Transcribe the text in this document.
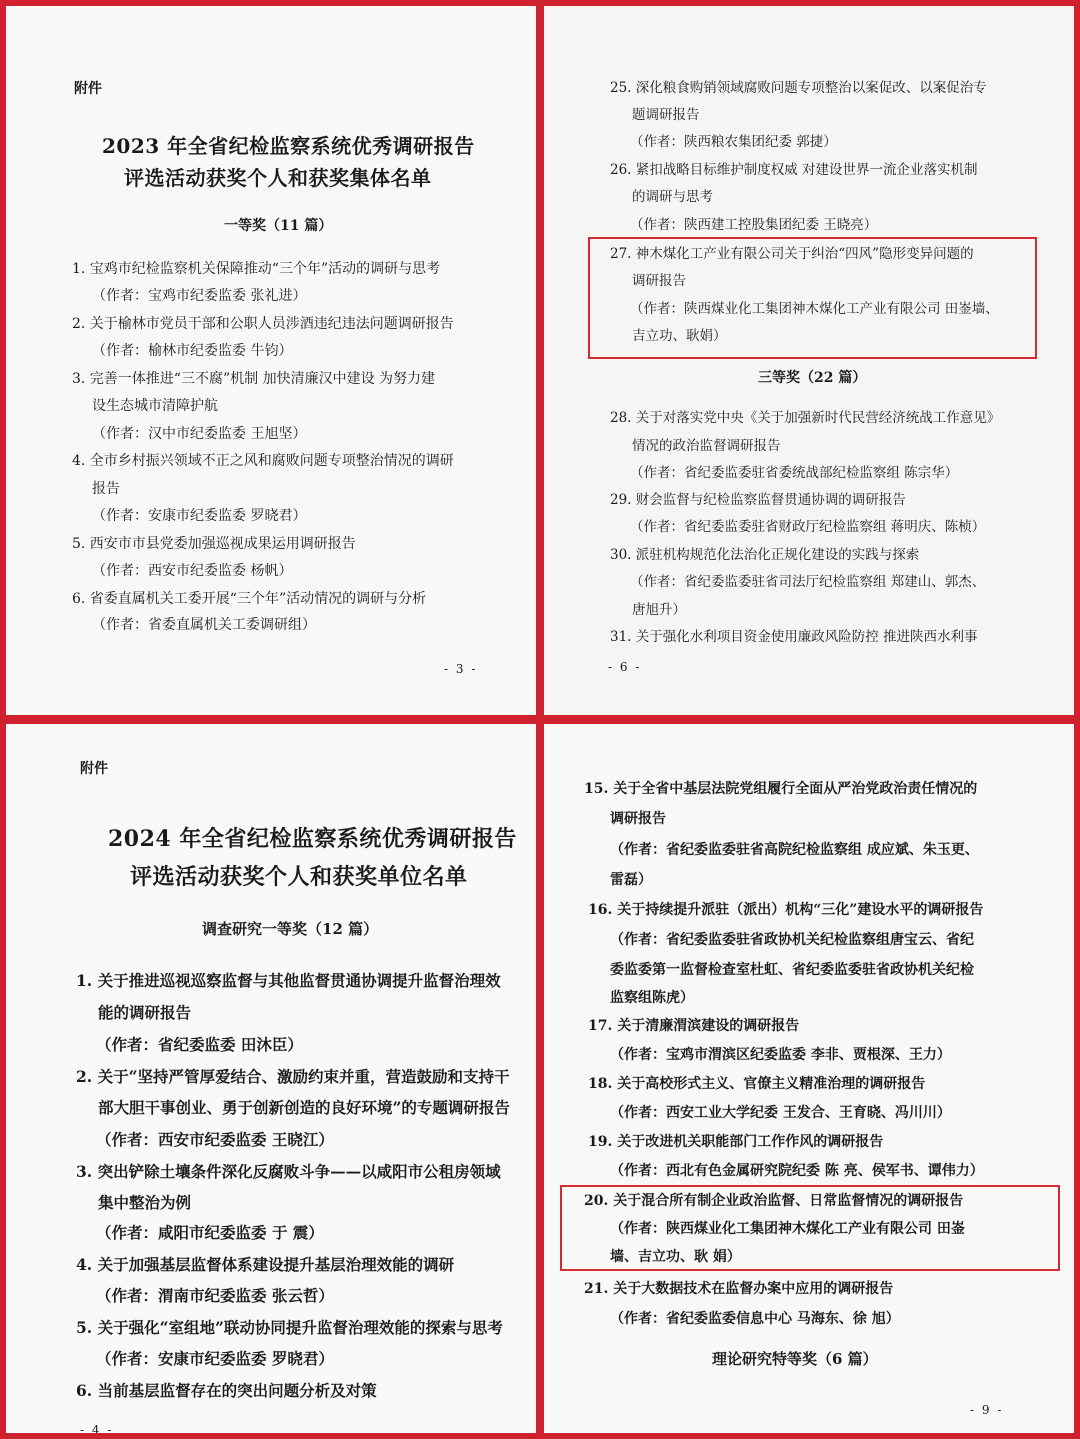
附件
2023 年全省纪检监察系统优秀调研报告
评选活动获奖个人和获奖集体名单
一等奖（11 篇）
1. 宝鸡市纪检监察机关保障推动“三个年”活动的调研与思考
（作者：宝鸡市纪委监委 张礼进）
2. 关于榆林市党员干部和公职人员涉酒违纪违法问题调研报告
（作者：榆林市纪委监委 牛钧）
3. 完善一体推进“三不腐”机制 加快清廉汉中建设 为努力建
设生态城市清障护航
（作者：汉中市纪委监委 王旭坚）
4. 全市乡村振兴领域不正之风和腐败问题专项整治情况的调研
报告
（作者：安康市纪委监委 罗晓君）
5. 西安市市县党委加强巡视成果运用调研报告
（作者：西安市纪委监委 杨帆）
6. 省委直属机关工委开展“三个年”活动情况的调研与分析
（作者：省委直属机关工委调研组）
- 3 -
25. 深化粮食购销领域腐败问题专项整治以案促改、以案促治专
题调研报告
（作者：陕西粮农集团纪委 郭捷）
26. 紧扣战略目标维护制度权威 对建设世界一流企业落实机制
的调研与思考
（作者：陕西建工控股集团纪委 王晓亮）
27. 神木煤化工产业有限公司关于纠治“四风”隐形变异问题的
调研报告
（作者：陕西煤业化工集团神木煤化工产业有限公司 田崟墙、
吉立功、耿娟）
三等奖（22 篇）
28. 关于对落实党中央《关于加强新时代民营经济统战工作意见》
情况的政治监督调研报告
（作者：省纪委监委驻省委统战部纪检监察组 陈宗华）
29. 财会监督与纪检监察监督贯通协调的调研报告
（作者：省纪委监委驻省财政厅纪检监察组 蒋明庆、陈桢）
30. 派驻机构规范化法治化正规化建设的实践与探索
（作者：省纪委监委驻省司法厅纪检监察组 郑建山、郭杰、
唐旭升）
31. 关于强化水利项目资金使用廉政风险防控 推进陕西水利事
- 6 -
附件
2024 年全省纪检监察系统优秀调研报告
评选活动获奖个人和获奖单位名单
调查研究一等奖（12 篇）
1. 关于推进巡视巡察监督与其他监督贯通协调提升监督治理效
能的调研报告
（作者：省纪委监委 田沐臣）
2. 关于“坚持严管厚爱结合、激励约束并重，营造鼓励和支持干
部大胆干事创业、勇于创新创造的良好环境”的专题调研报告
（作者：西安市纪委监委 王晓江）
3. 突出铲除土壤条件深化反腐败斗争——以咸阳市公租房领域
集中整治为例
（作者：咸阳市纪委监委 于 震）
4. 关于加强基层监督体系建设提升基层治理效能的调研
（作者：渭南市纪委监委 张云哲）
5. 关于强化“室组地”联动协同提升监督治理效能的探索与思考
（作者：安康市纪委监委 罗晓君）
6. 当前基层监督存在的突出问题分析及对策
- 4 -
15. 关于全省中基层法院党组履行全面从严治党政治责任情况的
调研报告
（作者：省纪委监委驻省高院纪检监察组 成应斌、朱玉更、
雷磊）
16. 关于持续提升派驻（派出）机构“三化”建设水平的调研报告
（作者：省纪委监委驻省政协机关纪检监察组唐宝云、省纪
委监委第一监督检查室杜虹、省纪委监委驻省政协机关纪检
监察组陈虎）
17. 关于清廉渭滨建设的调研报告
（作者：宝鸡市渭滨区纪委监委 李非、贾根深、王力）
18. 关于高校形式主义、官僚主义精准治理的调研报告
（作者：西安工业大学纪委 王发合、王育晓、冯川川）
19. 关于改进机关职能部门工作作风的调研报告
（作者：西北有色金属研究院纪委 陈 亮、侯军书、谭伟力）
20. 关于混合所有制企业政治监督、日常监督情况的调研报告
（作者：陕西煤业化工集团神木煤化工产业有限公司 田崟
墙、吉立功、耿 娟）
21. 关于大数据技术在监督办案中应用的调研报告
（作者：省纪委监委信息中心 马海东、徐 旭）
理论研究特等奖（6 篇）
- 9 -
